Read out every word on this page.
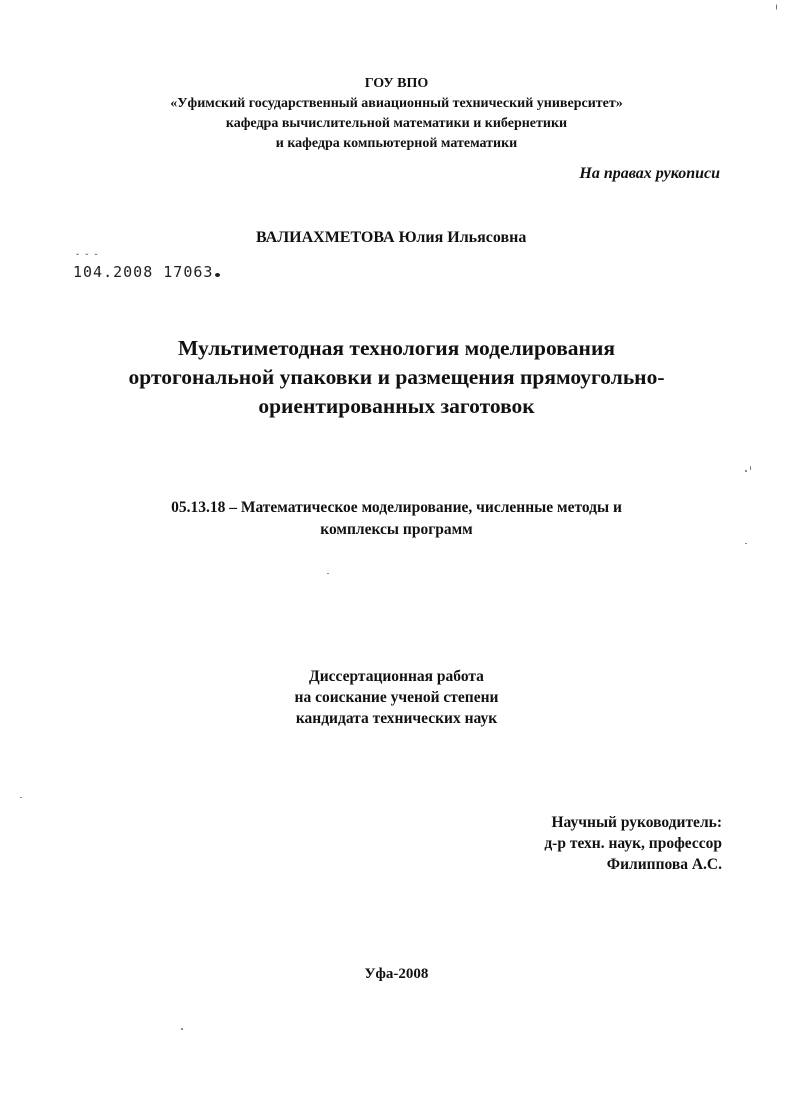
ГОУ ВПО
«Уфимский государственный авиационный технический университет»
кафедра вычислительной математики и кибернетики
и кафедра компьютерной математики
На правах рукописи
ВАЛИАХМЕТОВА Юлия Ильясовна
ˇ ˇ ˇ
104.2008 17063
Мультиметодная технология моделирования
ортогональной упаковки и размещения прямоугольно-
ориентированных заготовок
05.13.18 – Математическое моделирование, численные методы и
комплексы программ
Диссертационная работа
на соискание ученой степени
кандидата технических наук
Научный руководитель:
д-р техн. наук, профессор
Филиппова А.С.
Уфа-2008
